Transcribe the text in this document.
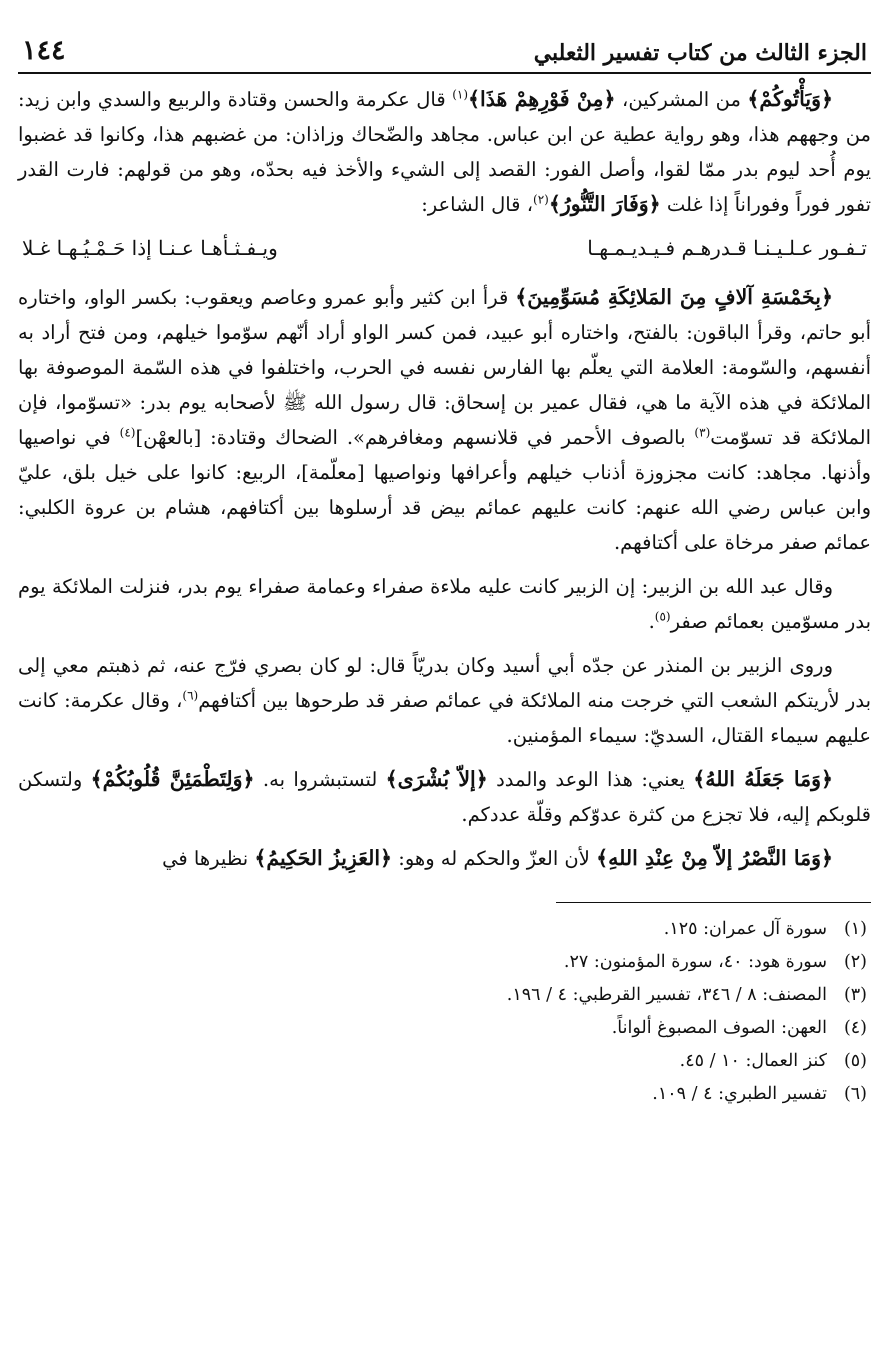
الجزء الثالث من كتاب تفسير الثعلبي
١٤٤

﴿وَيَأْتُوكُمْ﴾ من المشركين، ﴿مِنْ فَوْرِهِمْ هَذَا﴾$^{(١)}$ قال عكرمة والحسن وقتادة والربيع والسدي وابن زيد: من وجههم هذا، وهو رواية عطية عن ابن عباس. مجاهد والضّحاك وزاذان: من غضبهم هذا، وكانوا قد غضبوا يوم أُحد ليوم بدر ممّا لقوا، وأصل الفور: القصد إلى الشيء والأخذ فيه بحدّه، وهو من قولهم: فارت القدر تفور فوراً وفوراناً إذا غلت ﴿وَفَارَ التَّنُّورُ﴾$^{(٢)}$، قال الشاعر:

تـفـور عـلـيـنـا قـدرهـم فـيـديـمـهـا
ويـفـثـأهـا عـنـا إذا حَـمْـيُـهـا غـلا

﴿بِخَمْسَةِ آلافٍ مِنَ المَلائِكَةِ مُسَوِّمِينَ﴾ قرأ ابن كثير وأبو عمرو وعاصم ويعقوب: بكسر الواو، واختاره أبو حاتم، وقرأ الباقون: بالفتح، واختاره أبو عبيد، فمن كسر الواو أراد أنّهم سوّموا خيلهم، ومن فتح أراد به أنفسهم، والسّومة: العلامة التي يعلّم بها الفارس نفسه في الحرب، واختلفوا في هذه السّمة الموصوفة بها الملائكة في هذه الآية ما هي، فقال عمير بن إسحاق: قال رسول الله ﷺ لأصحابه يوم بدر: «تسوّموا، فإن الملائكة قد تسوّمت$^{(٣)}$ بالصوف الأحمر في قلانسهم ومغافرهم». الضحاك وقتادة: [بالعهْن]$^{(٤)}$ في نواصيها وأذنها. مجاهد: كانت مجزوزة أذناب خيلهم وأعرافها ونواصيها [معلّمة]، الربيع: كانوا على خيل بلق، عليّ وابن عباس رضي الله عنهم: كانت عليهم عمائم بيض قد أرسلوها بين أكتافهم، هشام بن عروة الكلبي: عمائم صفر مرخاة على أكتافهم.

وقال عبد الله بن الزبير: إن الزبير كانت عليه ملاءة صفراء وعمامة صفراء يوم بدر، فنزلت الملائكة يوم بدر مسوّمين بعمائم صفر$^{(٥)}$.

وروى الزبير بن المنذر عن جدّه أبي أسيد وكان بدريّاً قال: لو كان بصري فرّج عنه، ثم ذهبتم معي إلى بدر لأريتكم الشعب التي خرجت منه الملائكة في عمائم صفر قد طرحوها بين أكتافهم$^{(٦)}$، وقال عكرمة: كانت عليهم سيماء القتال، السديّ: سيماء المؤمنين.

﴿وَمَا جَعَلَهُ اللهُ﴾ يعني: هذا الوعد والمدد ﴿إلاّ بُشْرَى﴾ لتستبشروا به. ﴿وَلِتَطْمَئِنَّ قُلُوبُكُمْ﴾ ولتسكن قلوبكم إليه، فلا تجزع من كثرة عدوّكم وقلّة عددكم.

﴿وَمَا النَّصْرُ إلاّ مِنْ عِنْدِ اللهِ﴾ لأن العزّ والحكم له وهو: ﴿العَزِيزُ الحَكِيمُ﴾ نظيرها في

(١)
سورة آل عمران: ١٢٥.
(٢)
سورة هود: ٤٠، سورة المؤمنون: ٢٧.
(٣)
المصنف: ٨ / ٣٤٦، تفسير القرطبي: ٤ / ١٩٦.
(٤)
العهن: الصوف المصبوغ ألواناً.
(٥)
كنز العمال: ١٠ / ٤٥.
(٦)
تفسير الطبري: ٤ / ١٠٩.
